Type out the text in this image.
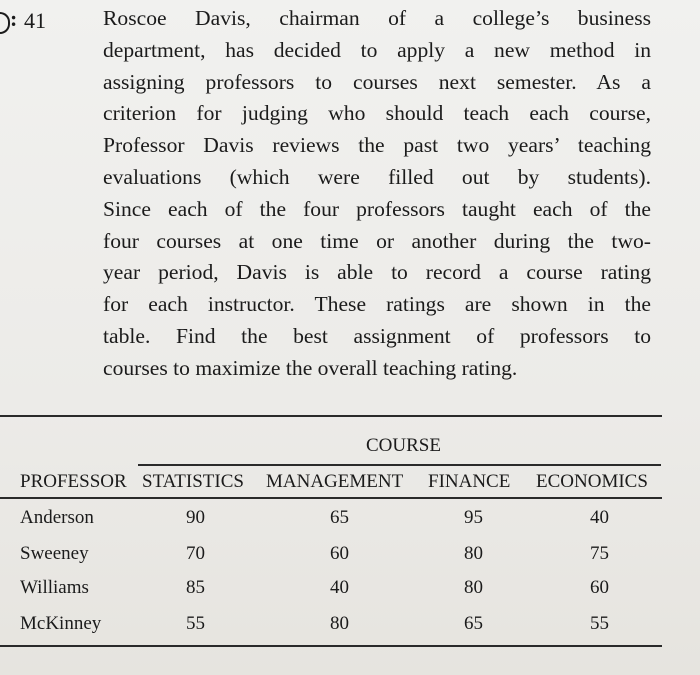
:41	Roscoe Davis, chairman of a college’s business
department, has decided to apply a new method in
assigning professors to courses next semester. As a
criterion for judging who should teach each course,
Professor Davis reviews the past two years’ teaching
evaluations (which were filled out by students).
Since each of the four professors taught each of the
four courses at one time or another during the two-
year period, Davis is able to record a course rating
for each instructor. These ratings are shown in the
table. Find the best assignment of professors to
courses to maximize the overall teaching rating.
COURSE
PROFESSOR STATISTICS MANAGEMENT FINANCE ECONOMICS
Anderson	90	65	95	40
Sweeney	70	60	80	75
Williams	85	40	80	60
McKinney	55	80	65	55
